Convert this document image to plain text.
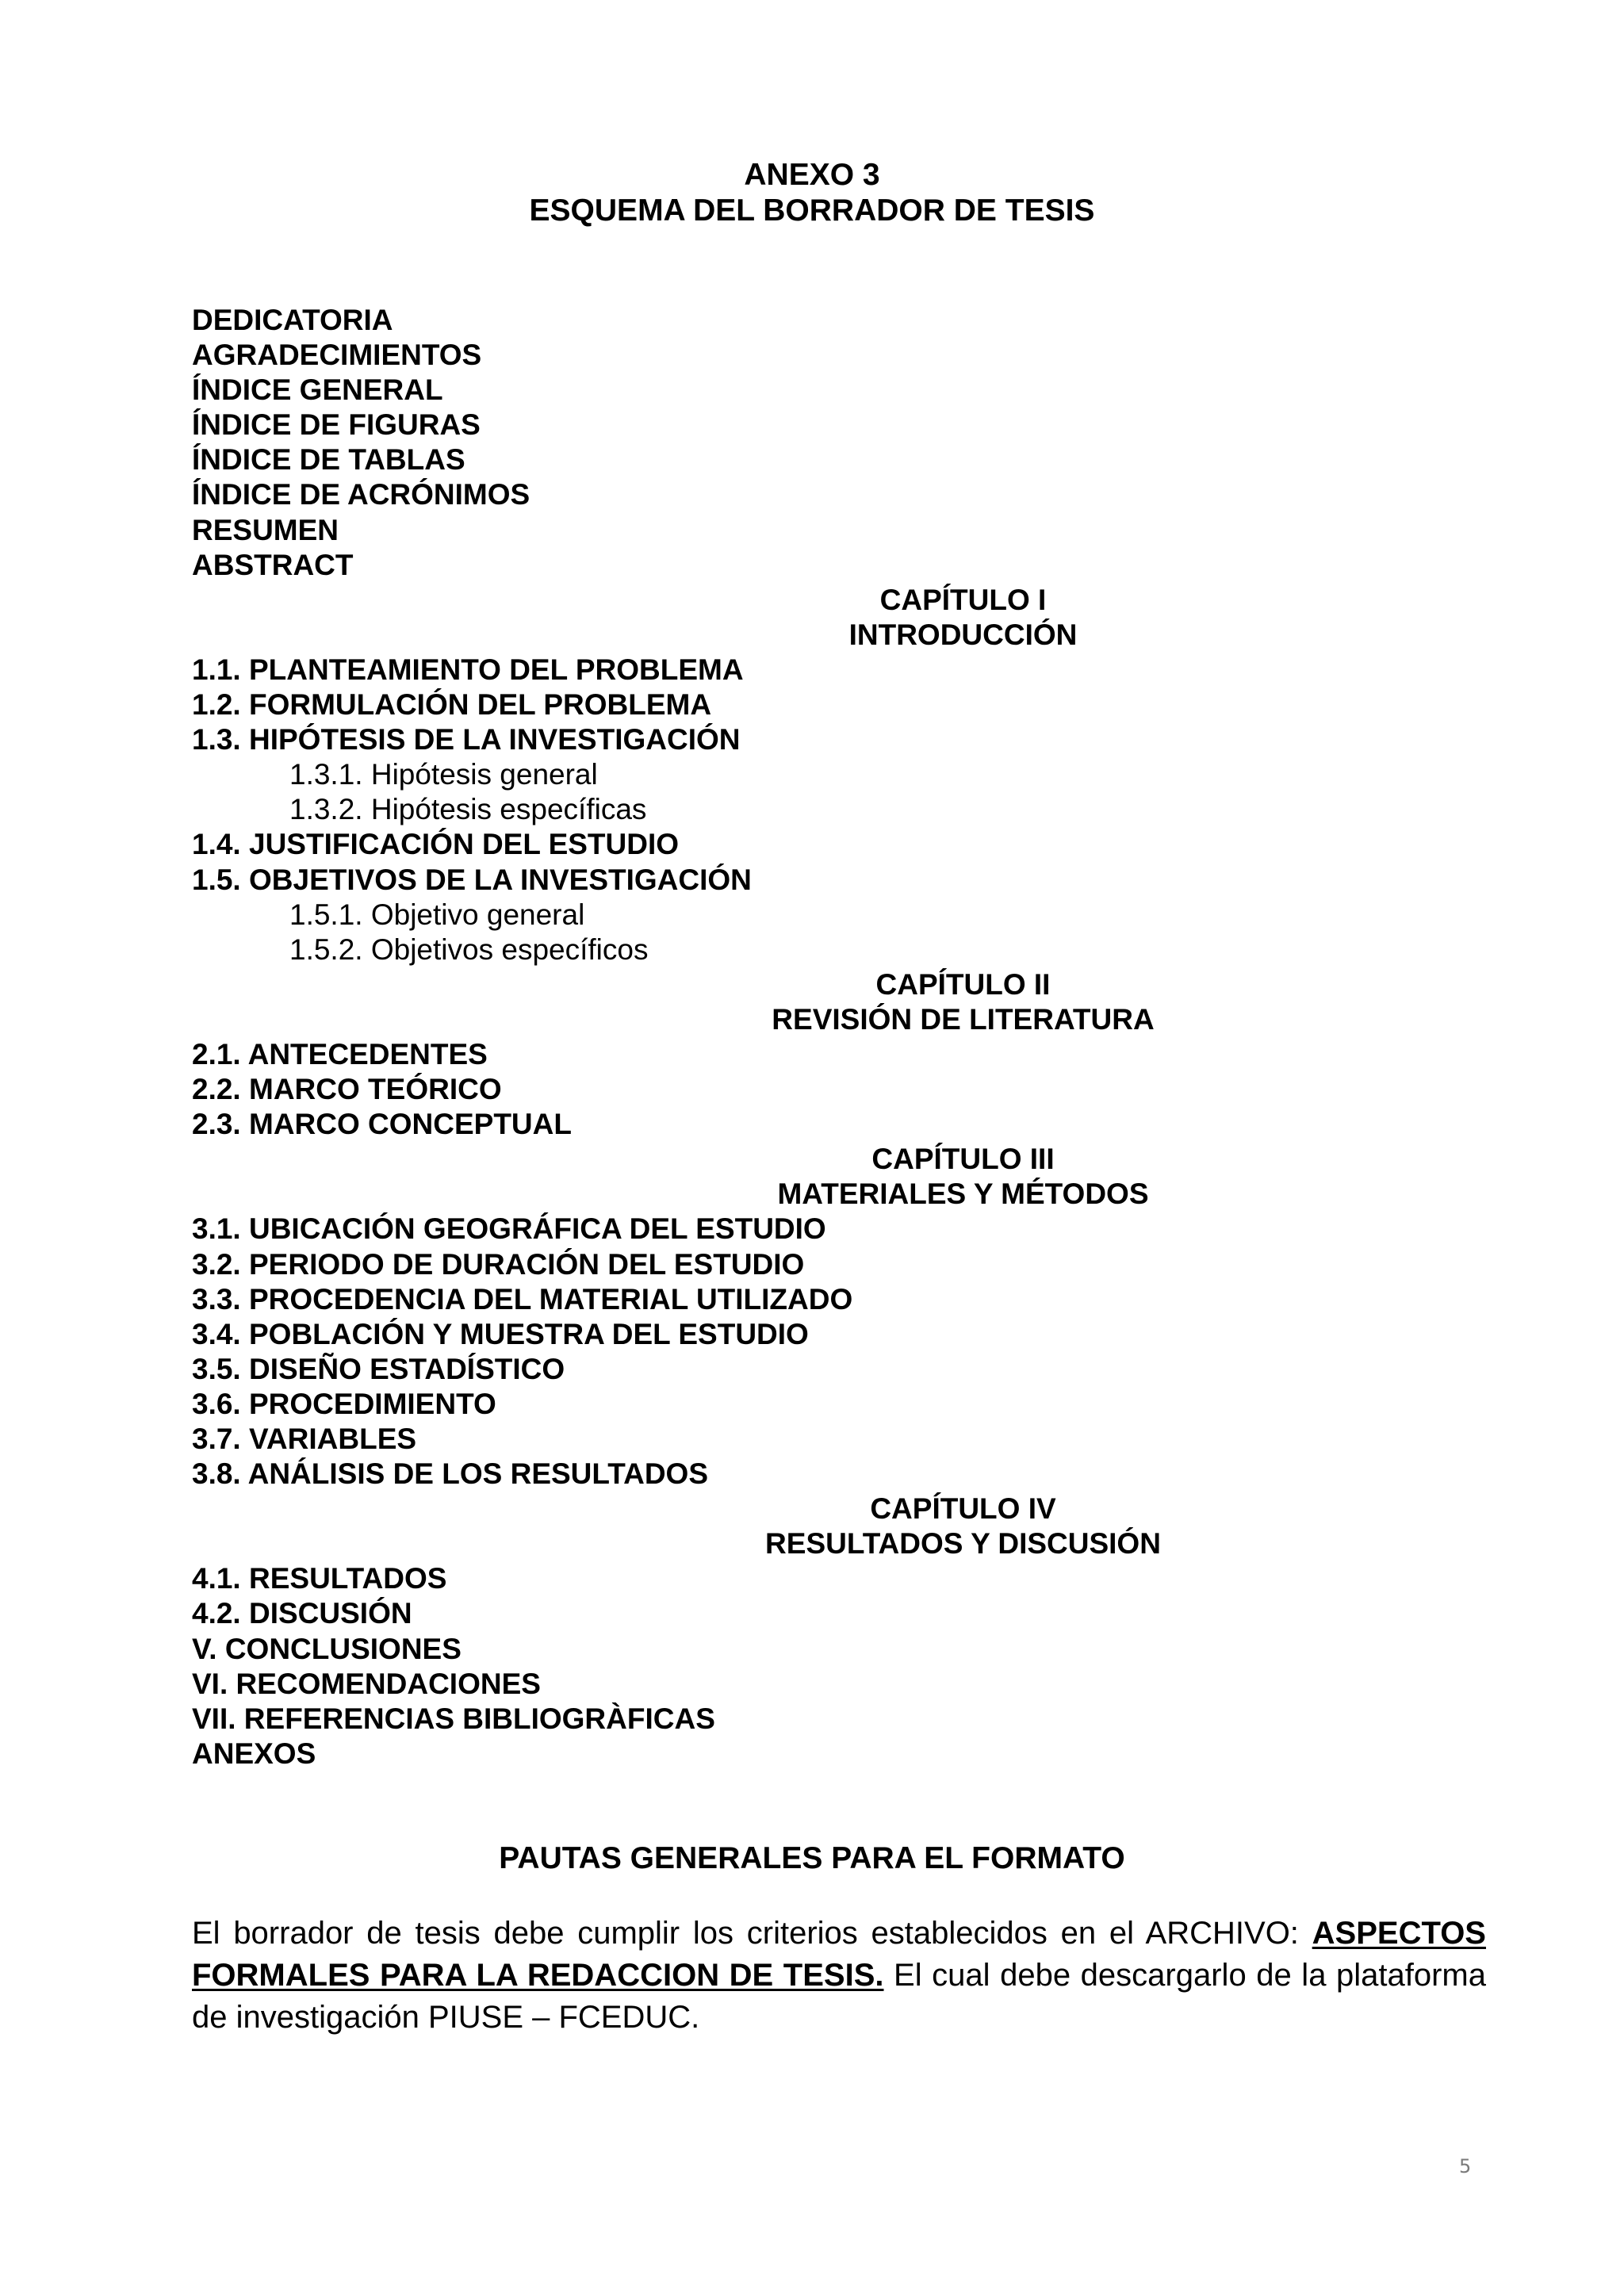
ANEXO 3
ESQUEMA DEL BORRADOR DE TESIS
DEDICATORIA
AGRADECIMIENTOS
ÍNDICE GENERAL
ÍNDICE DE FIGURAS
ÍNDICE DE TABLAS
ÍNDICE DE ACRÓNIMOS
RESUMEN
ABSTRACT
CAPÍTULO I
INTRODUCCIÓN
1.1. PLANTEAMIENTO DEL PROBLEMA
1.2. FORMULACIÓN DEL PROBLEMA
1.3. HIPÓTESIS DE LA INVESTIGACIÓN
1.3.1. Hipótesis general
1.3.2. Hipótesis específicas
1.4. JUSTIFICACIÓN DEL ESTUDIO
1.5. OBJETIVOS DE LA INVESTIGACIÓN
1.5.1. Objetivo general
1.5.2. Objetivos específicos
CAPÍTULO II
REVISIÓN DE LITERATURA
2.1. ANTECEDENTES
2.2. MARCO TEÓRICO
2.3. MARCO CONCEPTUAL
CAPÍTULO III
MATERIALES Y MÉTODOS
3.1. UBICACIÓN GEOGRÁFICA DEL ESTUDIO
3.2. PERIODO DE DURACIÓN DEL ESTUDIO
3.3. PROCEDENCIA DEL MATERIAL UTILIZADO
3.4. POBLACIÓN Y MUESTRA DEL ESTUDIO
3.5. DISEÑO ESTADÍSTICO
3.6. PROCEDIMIENTO
3.7. VARIABLES
3.8. ANÁLISIS DE LOS RESULTADOS
CAPÍTULO IV
RESULTADOS Y DISCUSIÓN
4.1. RESULTADOS
4.2. DISCUSIÓN
V. CONCLUSIONES
VI. RECOMENDACIONES
VII. REFERENCIAS BIBLIOGRÀFICAS
ANEXOS
PAUTAS GENERALES PARA EL FORMATO

El borrador de tesis debe cumplir los criterios establecidos en el ARCHIVO: ASPECTOS FORMALES PARA LA REDACCION DE TESIS. El cual debe descargarlo de la plataforma de investigación PIUSE – FCEDUC.

5
